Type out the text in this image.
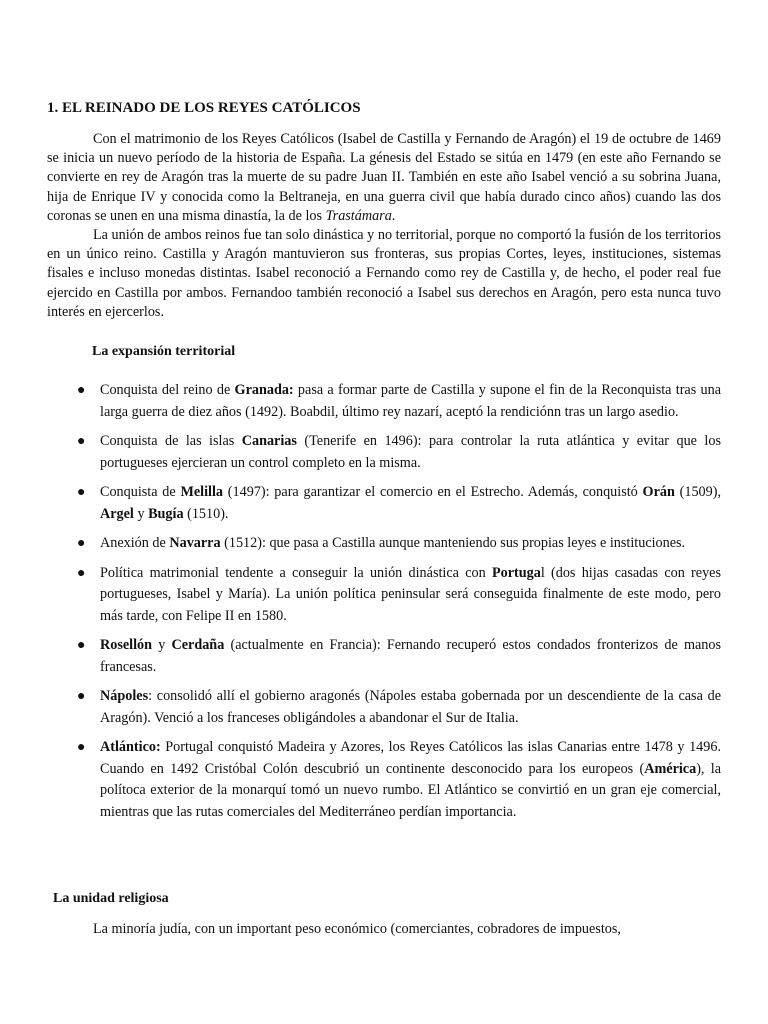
1. EL REINADO DE LOS REYES CATÓLICOS

Con el matrimonio de los Reyes Católicos (Isabel de Castilla y Fernando de Aragón) el 19 de octubre de 1469 se inicia un nuevo período de la historia de España. La génesis del Estado se sitúa en 1479 (en este año Fernando se convierte en rey de Aragón tras la muerte de su padre Juan II. También en este año Isabel venció a su sobrina Juana, hija de Enrique IV y conocida como la Beltraneja, en una guerra civil que había durado cinco años) cuando las dos coronas se unen en una misma dinastía, la de los Trastámara.

La unión de ambos reinos fue tan solo dinástica y no territorial, porque no comportó la fusión de los territorios en un único reino. Castilla y Aragón mantuvieron sus fronteras, sus propias Cortes, leyes, instituciones, sistemas fisales e incluso monedas distintas. Isabel reconoció a Fernando como rey de Castilla y, de hecho, el poder real fue ejercido en Castilla por ambos. Fernandoo también reconoció a Isabel sus derechos en Aragón, pero esta nunca tuvo interés en ejercerlos.

La expansión territorial
● Conquista del reino de Granada: pasa a formar parte de Castilla y supone el fin de la Reconquista tras una larga guerra de diez años (1492). Boabdil, último rey nazarí, aceptó la rendiciónn tras un largo asedio.
● Conquista de las islas Canarias (Tenerife en 1496): para controlar la ruta atlántica y evitar que los portugueses ejercieran un control completo en la misma.
● Conquista de Melilla (1497): para garantizar el comercio en el Estrecho. Además, conquistó Orán (1509), Argel y Bugía (1510).
● Anexión de Navarra (1512): que pasa a Castilla aunque manteniendo sus propias leyes e instituciones.
● Política matrimonial tendente a conseguir la unión dinástica con Portugal (dos hijas casadas con reyes portugueses, Isabel y María). La unión política peninsular será conseguida finalmente de este modo, pero más tarde, con Felipe II en 1580.
● Rosellón y Cerdaña (actualmente en Francia): Fernando recuperó estos condados fronterizos de manos francesas.
● Nápoles: consolidó allí el gobierno aragonés (Nápoles estaba gobernada por un descendiente de la casa de Aragón). Venció a los franceses obligándoles a abandonar el Sur de Italia.
● Atlántico: Portugal conquistó Madeira y Azores, los Reyes Católicos las islas Canarias entre 1478 y 1496. Cuando en 1492 Cristóbal Colón descubrió un continente desconocido para los europeos (América), la polítoca exterior de la monarquí tomó un nuevo rumbo. El Atlántico se convirtió en un gran eje comercial, mientras que las rutas comerciales del Mediterráneo perdían importancia.
La unidad religiosa

La minoría judía, con un important peso económico (comerciantes, cobradores de impuestos,
